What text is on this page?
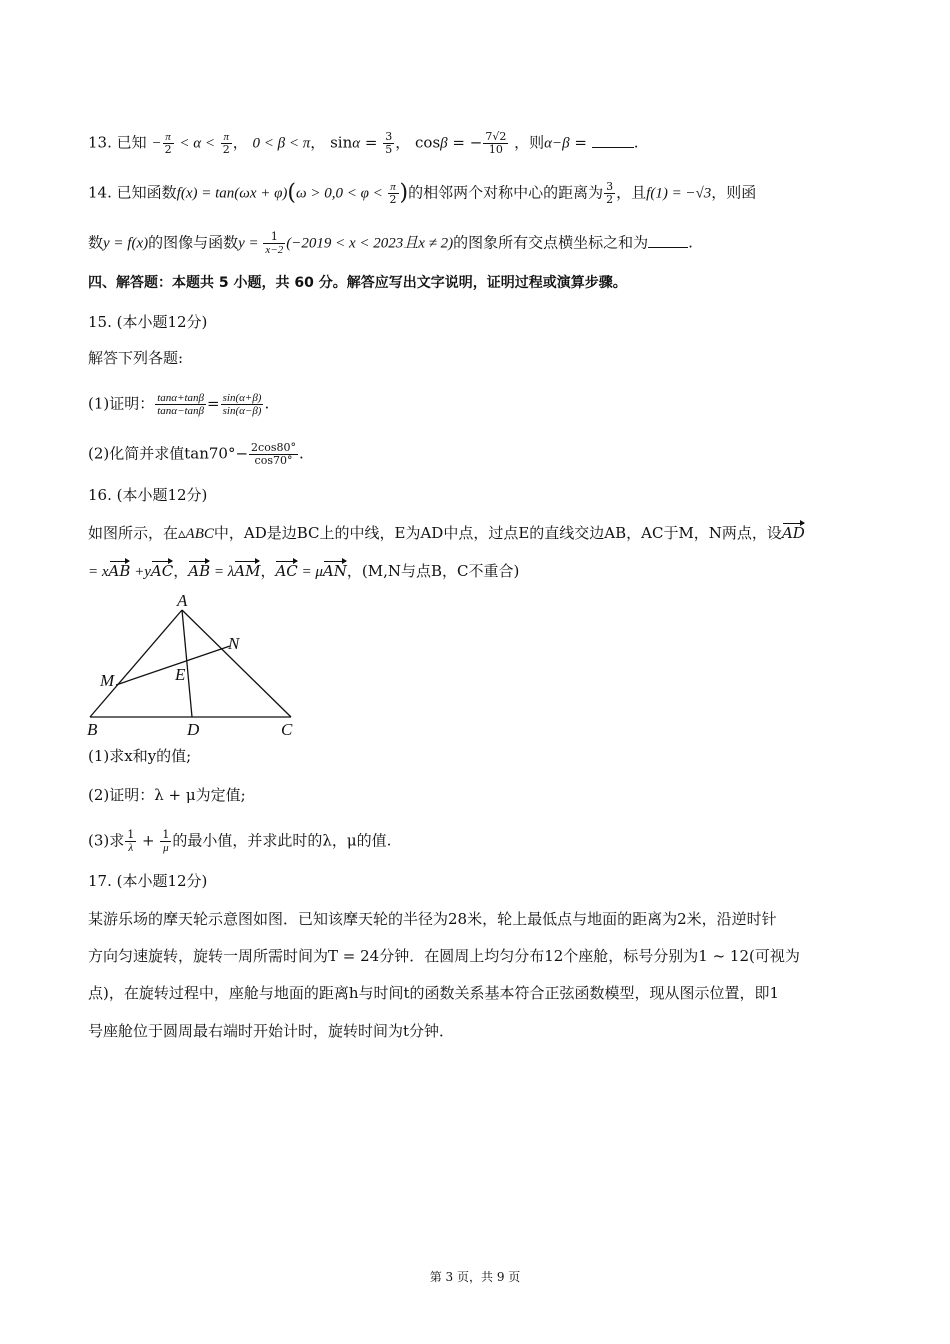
13. 已知 − $\frac{\pi}{2} < \alpha < \frac{\pi}{2}$ ， 0 < β < π， $\sin\alpha = \frac{3}{5}$ ， cosβ = − $\frac{7√2}{10}$ ，则α−β =	.
14. 已知函数$f(x) = \tan(\omega x + \varphi)(\omega > 0,0 < \varphi < \frac{\pi}{2}$ )的相邻两个对称中心的距离为 $\frac{3}{2}$ ，且f(1) = −√3，则函
数y = f(x)的图像与函数$y = \frac{1}{x-2} (-2019 < x < 2023$且x ≠ 2)的图象所有交点横坐标之和为	.
四、解答题：本题共 5 小题，共 60 分。解答应写出文字说明，证明过程或演算步骤。
15. (本小题12分)
解答下列各题:
(1)证明： $\frac{\tan\alpha+\tan\beta}{\tan\alpha-\tan\beta} = \frac{\sin(\alpha+\beta)}{\sin(\alpha-\beta)}$ .
(2)化简并求值$\tan 70^\circ- \frac{2\cos 80^\circ}{\cos 70^\circ}$ .
16. (本小题12分)
如图所示，在▵ABC中，AD是边BC上的中线，E为AD中点，过点E的直线交边AB，AC于M，N两点，设AD
= xAB +yAC，AB = λAM，AC = μAN，(M,N与点B，C不重合)
A
B	C
D
M
N
E
(1)求x和y的值;
(2)证明：λ + μ为定值;
(3)求 $\frac{1}{\lambda} + \frac{1}{\mu}$ 的最小值，并求此时的λ，μ的值.
17. (本小题12分)
某游乐场的摩天轮示意图如图．已知该摩天轮的半径为28米，轮上最低点与地面的距离为2米，沿逆时针
方向匀速旋转，旋转一周所需时间为T = 24分钟．在圆周上均匀分布12个座舱，标号分别为1 ~ 12(可视为
点)，在旋转过程中，座舱与地面的距离h与时间t的函数关系基本符合正弦函数模型，现从图示位置，即1
号座舱位于圆周最右端时开始计时，旋转时间为t分钟．
第 3 页，共 9 页
